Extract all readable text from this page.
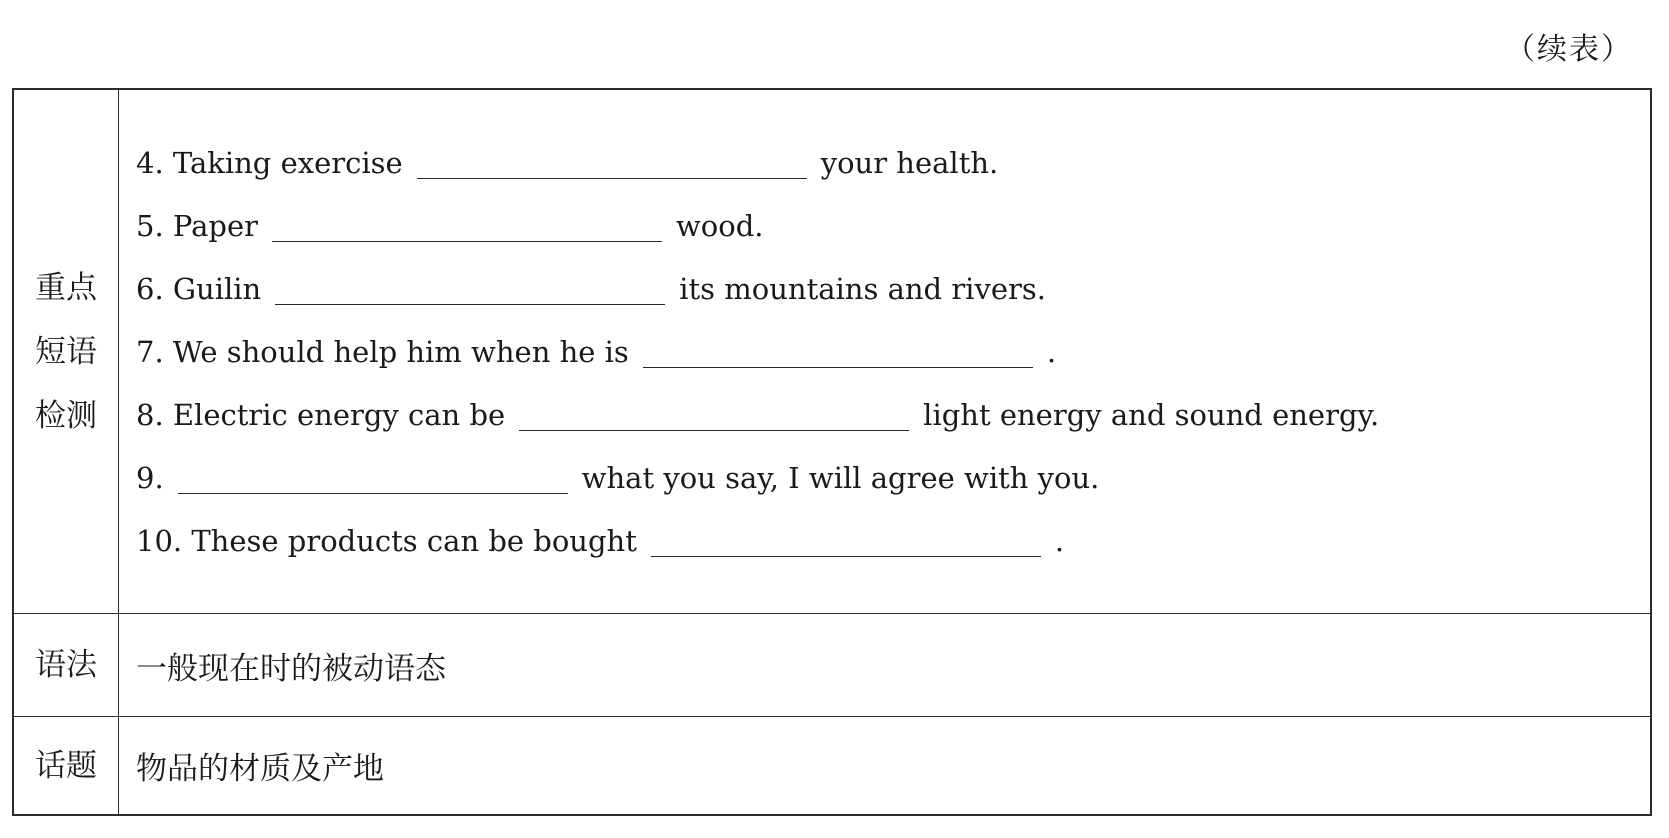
（续表）
重点短语检测
4. Taking exercise	your health.
5. Paper	wood.
6. Guilin	its mountains and rivers.
7. We should help him when he is	.
8. Electric energy can be	light energy and sound energy.
9.	what you say, I will agree with you.
10. These products can be bought	.
语法 一般现在时的被动语态
话题 物品的材质及产地
